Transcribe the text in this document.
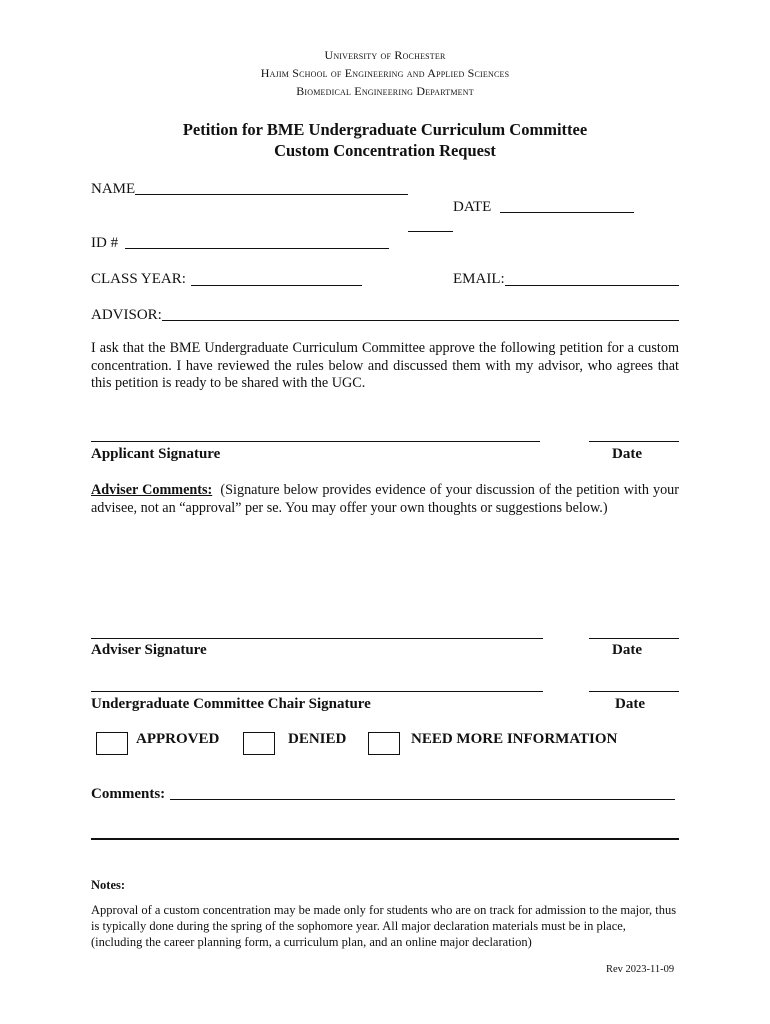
University of Rochester
Hajim School of Engineering and Applied Sciences
Biomedical Engineering Department
Petition for BME Undergraduate Curriculum Committee
Custom Concentration Request
NAME
DATE
ID #
CLASS YEAR:	EMAIL:
ADVISOR:
I ask that the BME Undergraduate Curriculum Committee approve the following petition for a custom concentration. I have reviewed the rules below and discussed them with my advisor, who agrees that this petition is ready to be shared with the UGC.
Applicant Signature	Date
Adviser Comments: (Signature below provides evidence of your discussion of the petition with your advisee, not an “approval” per se. You may offer your own thoughts or suggestions below.)
Adviser Signature	Date
Undergraduate Committee Chair Signature	Date
APPROVED	DENIED	NEED MORE INFORMATION
Comments:
Notes:
Approval of a custom concentration may be made only for students who are on track for admission to the major, thus is typically done during the spring of the sophomore year. All major declaration materials must be in place, (including the career planning form, a curriculum plan, and an online major declaration)
Rev 2023-11-09
